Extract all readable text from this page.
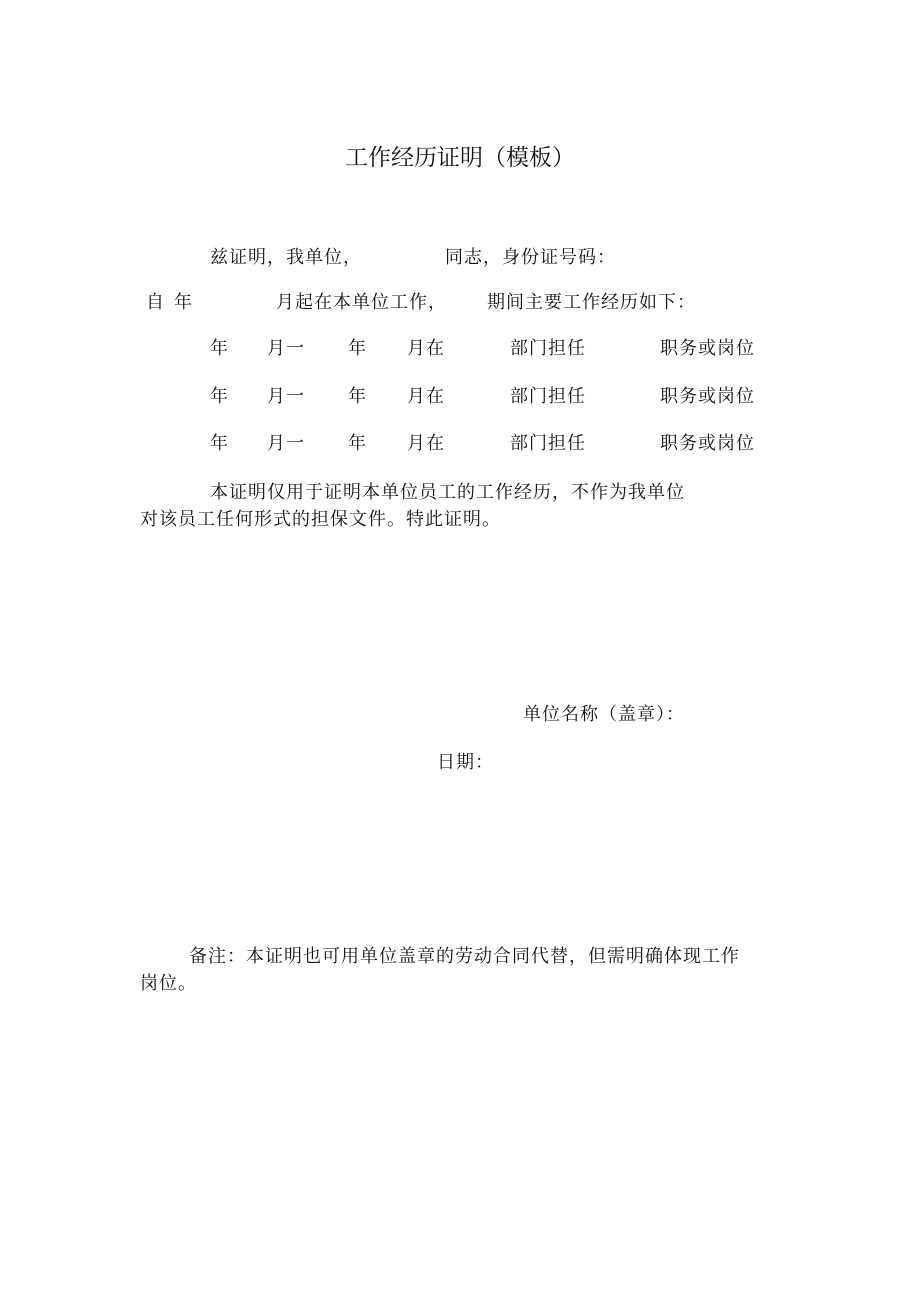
工作经历证明（模板）
兹证明，我单位，	同志，身份证号码：
自 年	月起在本单位工作， 期间主要工作经历如下：
年 月一 年 月在	部门担任	职务或岗位
年 月一 年 月在	部门担任	职务或岗位
年 月一 年 月在	部门担任	职务或岗位
本证明仅用于证明本单位员工的工作经历，不作为我单位
对该员工任何形式的担保文件。特此证明。
单位名称（盖章）：
日期：
备注：本证明也可用单位盖章的劳动合同代替，但需明确体现工作
岗位。
